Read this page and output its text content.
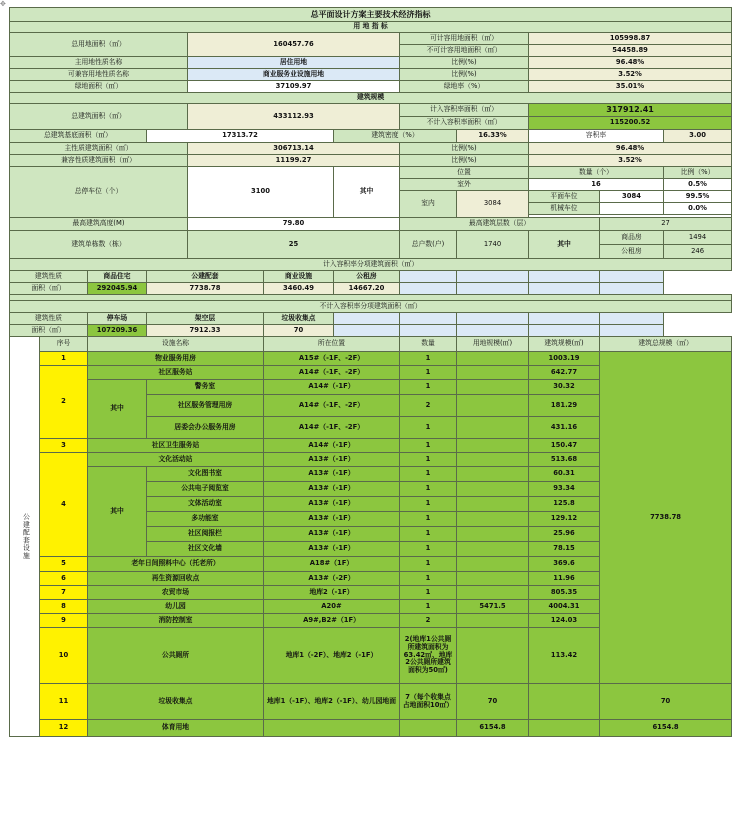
✥
总平面设计方案主要技术经济指标											
用 地 指 标											
总用地面积（㎡）				160457.76			可计容用地面积（㎡）		105998.87		
							不可计容用地面积（㎡）		54458.89		
主用地性质名称				居住用地			比例(%)		96.48%		
可兼容用地性质名称				商业服务业设施用地			比例(%)		3.52%		
绿地面积（㎡）				37109.97			绿地率（%）		35.01%		
建筑规模											
总建筑面积（㎡）				433112.93			计入容积率面积（㎡）		317912.41		
							不计入容积率面积（㎡）		115200.52		
总建筑基底面积（㎡）			17313.72			建筑密度（%）		16.33%	容积率		3.00
主性质建筑面积（㎡）				306713.14			比例(%)		96.48%		
兼容性质建筑面积（㎡）				11199.27			比例(%)		3.52%		
总停车位（个）				3100		其中	位置		数量（个）		比例（%）
							室外		16		0.5%
							室内	3084	平面车位	3084	99.5%
									机械车位		0.0%

最高建筑高度(M)				79.80			最高建筑层数（层）			27	
建筑单栋数（栋）				25			总户数(户)	1740	其中	商品房	1494
										公租房	246
计入容积率分项建筑面积（㎡）											
建筑性质		商品住宅	公建配套		商业设施	公租房					
面积（㎡）		292045.94	7738.78		3460.49	14667.20					

不计入容积率分项建筑面积（㎡）											
建筑性质		停车场	架空层		垃圾收集点						
面积（㎡）		107209.36	7912.33		70						
公建配套设施	序号	设施名称			所在位置		数量	用地规模(㎡)	建筑规模(㎡)	建筑总规模（㎡）	
	1	物业服务用房			A15#（-1F、-2F）		1		1003.19	7738.78	
	2	社区服务站			A14#（-1F、-2F）		1		642.77		
		其中	警务室		A14#（-1F）		1		30.32		
			社区服务管理用房		A14#（-1F、-2F）		2		181.29		
			居委会办公服务用房		A14#（-1F、-2F）		1		431.16		
	3	社区卫生服务站			A14#（-1F）		1		150.47		
	4	文化活动站			A13#（-1F）		1		513.68		
		其中	文化图书室		A13#（-1F）		1		60.31		
			公共电子阅览室		A13#（-1F）		1		93.34		
			文体活动室		A13#（-1F）		1		125.8		
			多功能室		A13#（-1F）		1		129.12		
			社区阅报栏		A13#（-1F）		1		25.96		
			社区文化墙		A13#（-1F）		1		78.15		
	5	老年日间照料中心（托老所）			A18#（1F）		1		369.6		
	6	再生资源回收点			A13#（-2F）		1		11.96		
	7	农贸市场			地库2（-1F）		1		805.35		
	8	幼儿园			A20#		1	5471.5	4004.31		
	9	消防控制室			A9#,B2#（1F）		2		124.03		
	10	公共厕所			地库1（-2F）、地库2（-1F）		2(地库1公共厕所建筑面积为63.42㎡、地库2公共厕所建筑面积为50㎡)		113.42		
	11	垃圾收集点			地库1（-1F）、地库2（-1F）、幼儿园地面		7（每个收集点占地面积10㎡）	70		70	
	12	体育用地						6154.8		6154.8	
